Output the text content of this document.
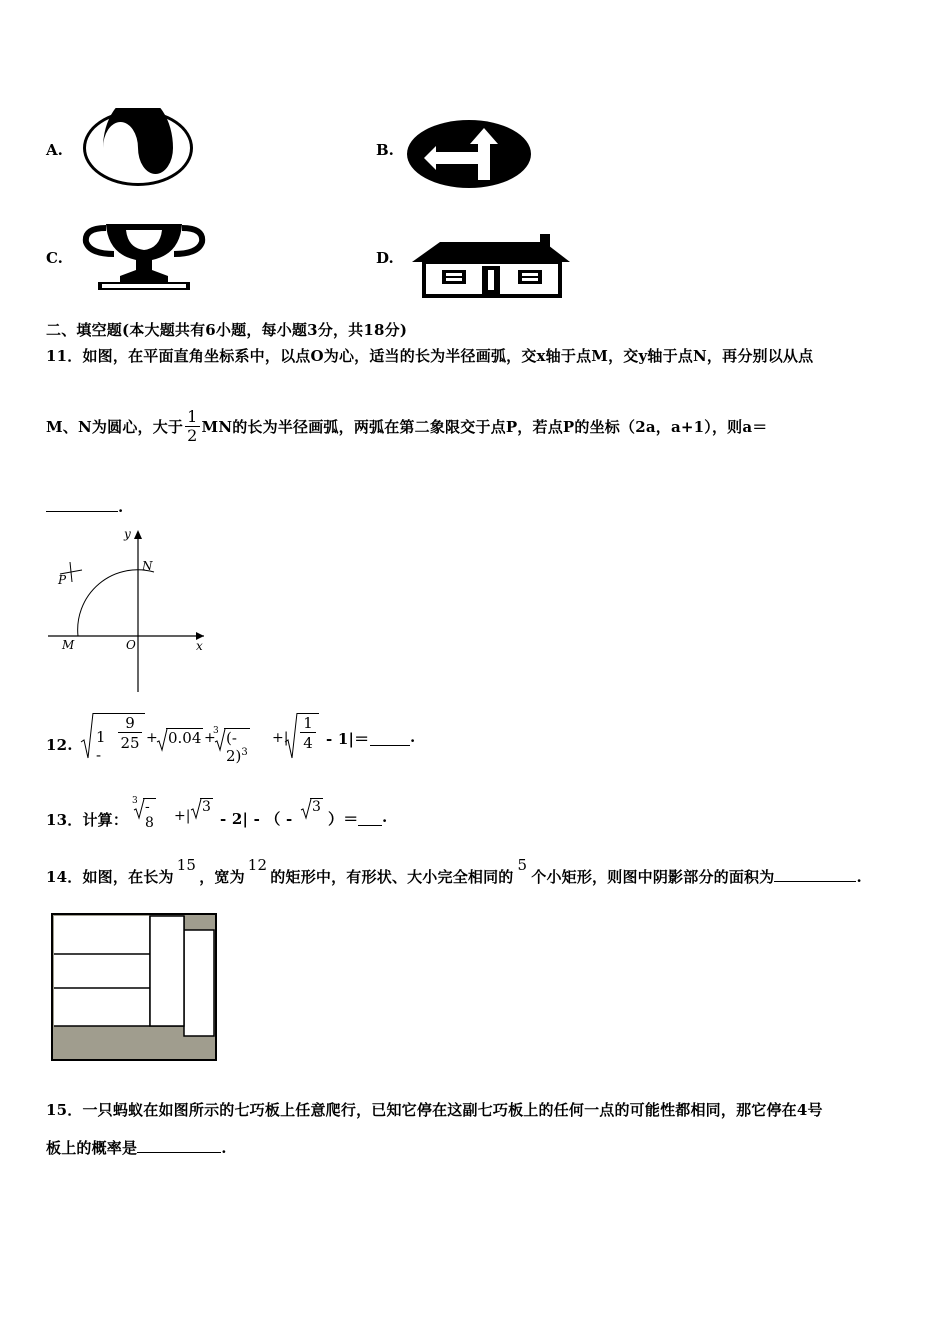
A.	B.
C.	D.
二、填空题(本大题共有6小题，每小题3分，共18分)
11．如图，在平面直角坐标系中，以点O为心，适当的长为半径画弧，交x轴于点M，交y轴于点N，再分别以从点
M、N为圆心，大于 $\frac{1}{2}$ MN的长为半径画弧，两弧在第二象限交于点P，若点P的坐标（2a，a+1），则a＝
.
y
x
N
P
M	O
12. 1 -
9
25 + 0.04 +
3 (- 2)$^3$
+|
1
4 - 1|＝	.
13．计算：
3 - 8 +|
3
- 2| - （ -
3
）＝ .
14．如图，在长为15，宽为12的矩形中，有形状、大小完全相同的5个小矩形，则图中阴影部分的面积为	.
15．一只蚂蚁在如图所示的七巧板上任意爬行，已知它停在这副七巧板上的任何一点的可能性都相同，那它停在4号
板上的概率是	.
